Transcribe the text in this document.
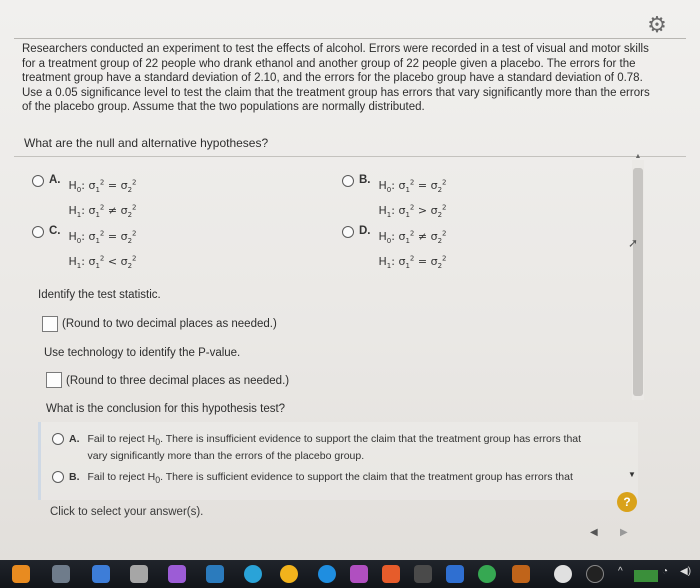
⚙
Researchers conducted an experiment to test the effects of alcohol. Errors were recorded in a test of visual and motor skills for a treatment group of 22 people who drank ethanol and another group of 22 people given a placebo. The errors for the treatment group have a standard deviation of 2.10, and the errors for the placebo group have a standard deviation of 0.78. Use a 0.05 significance level to test the claim that the treatment group has errors that vary significantly more than the errors of the placebo group. Assume that the two populations are normally distributed.
What are the null and alternative hypotheses?
▲
➚
A. $H_0$: $\sigma_1^2 = \sigma_2^2$
$H_1$: $\sigma_1^2 \ne \sigma_2^2$
B. $H_0$: $\sigma_1^2 = \sigma_2^2$
$H_1$: $\sigma_1^2 > \sigma_2^2$
C. $H_0$: $\sigma_1^2 = \sigma_2^2$
$H_1$: $\sigma_1^2 < \sigma_2^2$
D. $H_0$: $\sigma_1^2 \ne \sigma_2^2$
$H_1$: $\sigma_1^2 = \sigma_2^2$
Identify the test statistic.
(Round to two decimal places as needed.)
Use technology to identify the P-value.
(Round to three decimal places as needed.)
What is the conclusion for this hypothesis test?
A. Fail to reject $H_0$. There is insufficient evidence to support the claim that the treatment group has errors that vary significantly more than the errors of the placebo group.
B. Fail to reject $H_0$. There is sufficient evidence to support the claim that the treatment group has errors that	▼
?
Click to select your answer(s).
◀ ▶
^	◔ ◀)
